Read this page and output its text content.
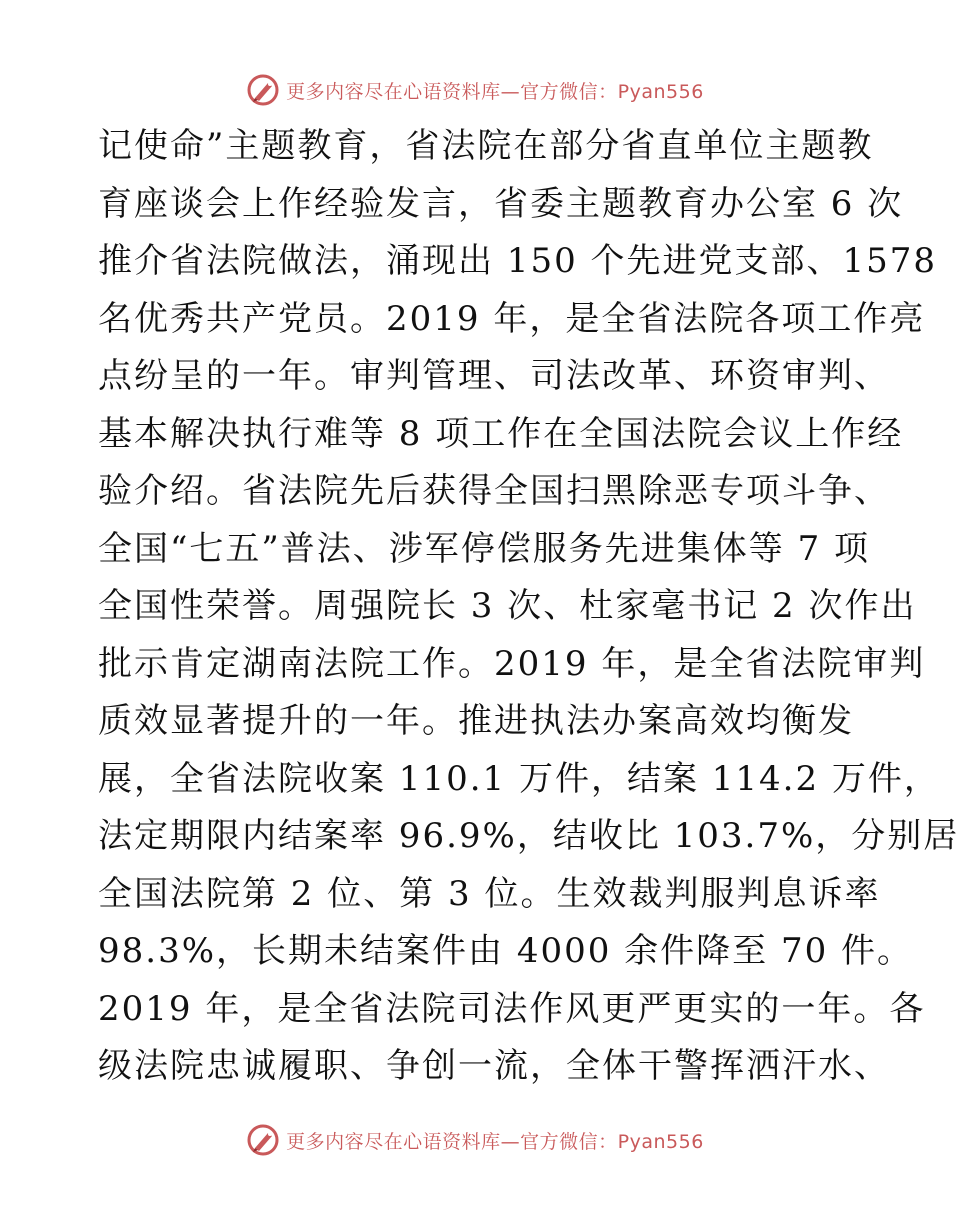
更多内容尽在心语资料库—官方微信：Pyan556
记使命”主题教育，省法院在部分省直单位主题教
育座谈会上作经验发言，省委主题教育办公室 6 次
推介省法院做法，涌现出 150 个先进党支部、1578
名优秀共产党员。2019 年，是全省法院各项工作亮
点纷呈的一年。审判管理、司法改革、环资审判、
基本解决执行难等 8 项工作在全国法院会议上作经
验介绍。省法院先后获得全国扫黑除恶专项斗争、
全国“七五”普法、涉军停偿服务先进集体等 7 项
全国性荣誉。周强院长 3 次、杜家毫书记 2 次作出
批示肯定湖南法院工作。2019 年，是全省法院审判
质效显著提升的一年。推进执法办案高效均衡发
展，全省法院收案 110.1 万件，结案 114.2 万件，
法定期限内结案率 96.9%，结收比 103.7%，分别居
全国法院第 2 位、第 3 位。生效裁判服判息诉率
98.3%，长期未结案件由 4000 余件降至 70 件。
2019 年，是全省法院司法作风更严更实的一年。各
级法院忠诚履职、争创一流，全体干警挥洒汗水、
更多内容尽在心语资料库—官方微信：Pyan556
